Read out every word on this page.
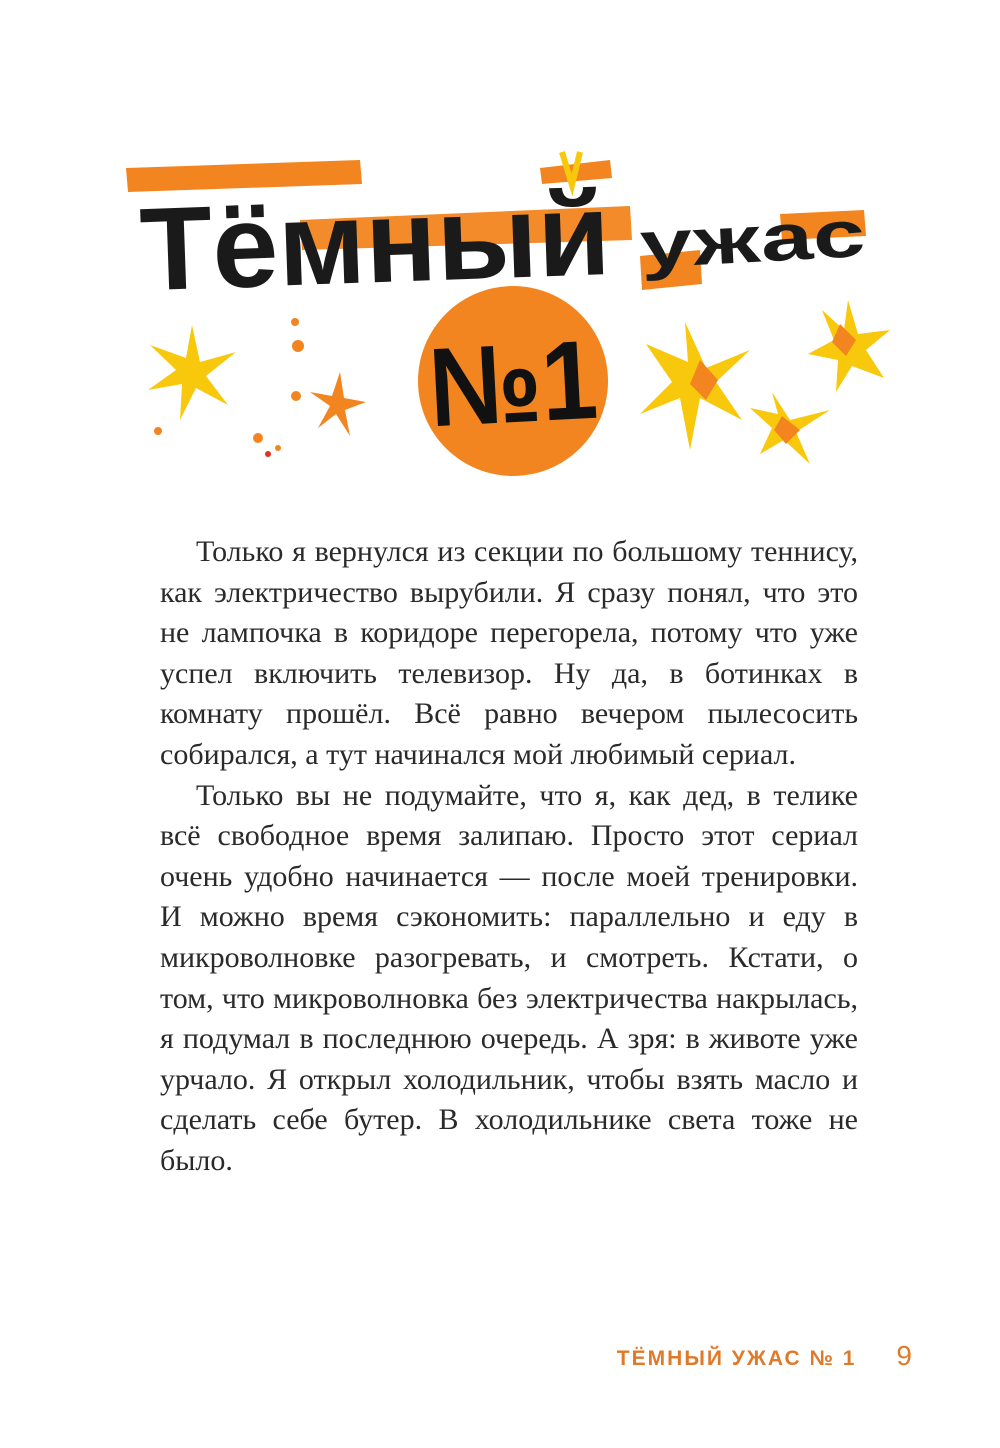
Тёмный ужас
№1

Только я вернулся из секции по большому теннису, как электричество вырубили. Я сразу понял, что это не лампочка в коридоре перегорела, потому что уже успел включить телевизор. Ну да, в ботинках в комнату прошёл. Всё равно вечером пылесосить собирался, а тут начинался мой любимый сериал.

Только вы не подумайте, что я, как дед, в телике всё свободное время залипаю. Просто этот сериал очень удобно начинается — после моей тренировки. И можно время сэкономить: параллельно и еду в микроволновке разогревать, и смотреть. Кстати, о том, что микроволновка без электричества накрылась, я подумал в последнюю очередь. А зря: в животе уже урчало. Я открыл холодильник, чтобы взять масло и сделать себе бутер. В холодильнике света тоже не было.

ТЁМНЫЙ УЖАС № 1 9
